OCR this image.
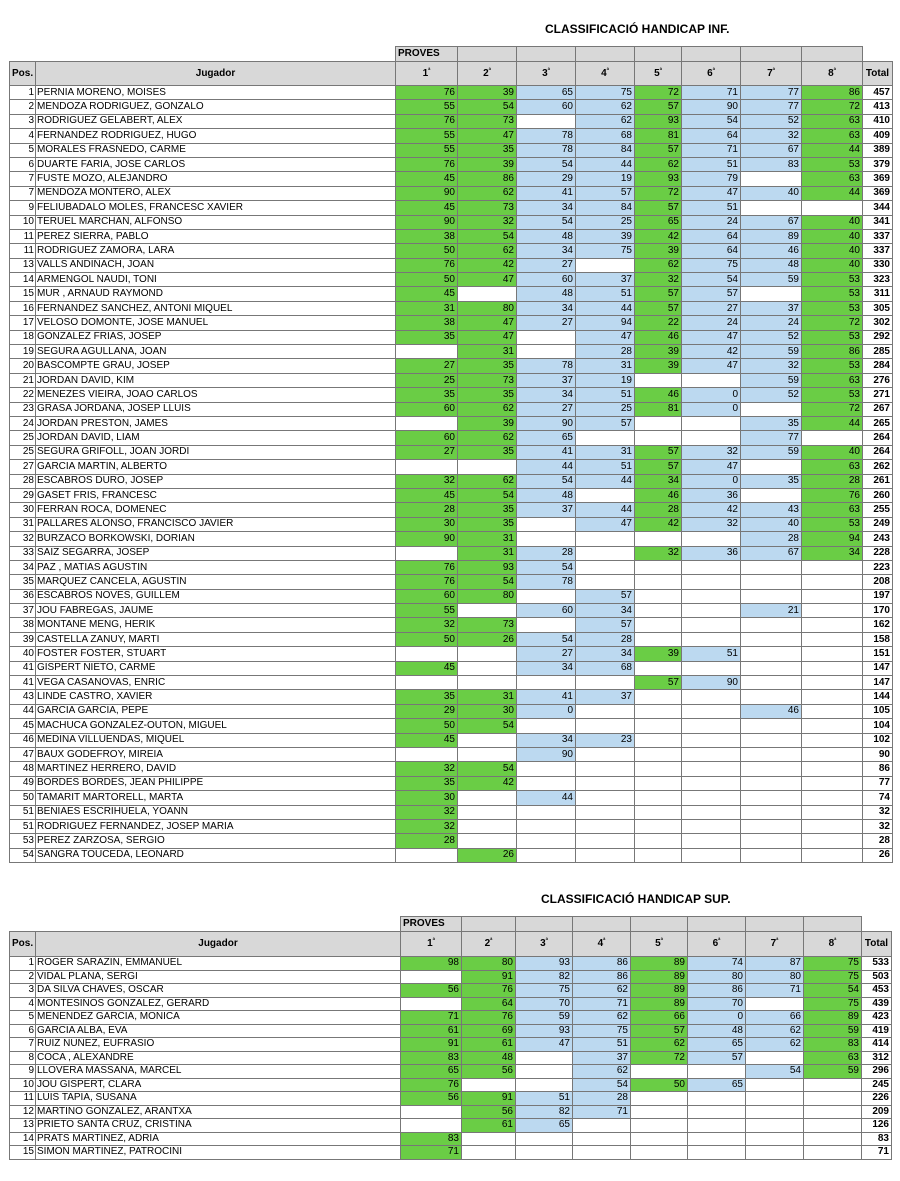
CLASSIFICACIÓ HANDICAP INF.
		PROVES								
Pos.	Jugador	$1^ª$	$2^ª$	$3^ª$	$4^ª$	$5^ª$	$6^ª$	$7^ª$	$8^ª$	Total
1	PERNIA MORENO, MOISES	76	39	65	75	72	71	77	86	457
2	MENDOZA RODRIGUEZ, GONZALO	55	54	60	62	57	90	77	72	413
3	RODRIGUEZ GELABERT, ALEX	76	73		62	93	54	52	63	410
4	FERNANDEZ RODRIGUEZ, HUGO	55	47	78	68	81	64	32	63	409
5	MORALES FRASNEDO, CARME	55	35	78	84	57	71	67	44	389
6	DUARTE FARIA, JOSE CARLOS	76	39	54	44	62	51	83	53	379
7	FUSTE MOZO, ALEJANDRO	45	86	29	19	93	79		63	369
7	MENDOZA MONTERO, ALEX	90	62	41	57	72	47	40	44	369
9	FELIUBADALO MOLES, FRANCESC XAVIER	45	73	34	84	57	51			344
10	TERUEL MARCHAN, ALFONSO	90	32	54	25	65	24	67	40	341
11	PEREZ SIERRA, PABLO	38	54	48	39	42	64	89	40	337
11	RODRIGUEZ ZAMORA, LARA	50	62	34	75	39	64	46	40	337
13	VALLS ANDIÑACH, JOAN	76	42	27		62	75	48	40	330
14	ARMENGOL NAUDI, TONI	50	47	60	37	32	54	59	53	323
15	MUR , ARNAUD RAYMOND	45		48	51	57	57		53	311
16	FERNANDEZ SANCHEZ, ANTONI MIQUEL	31	80	34	44	57	27	37	53	305
17	VELOSO DOMONTE, JOSE MANUEL	38	47	27	94	22	24	24	72	302
18	GONZALEZ FRIAS, JOSEP	35	47		47	46	47	52	53	292
19	SEGURA AGULLANA, JOAN		31		28	39	42	59	86	285
20	BASCOMPTE GRAU, JOSEP	27	35	78	31	39	47	32	53	284
21	JORDAN DAVID, KIM	25	73	37	19			59	63	276
22	MENEZES VIEIRA, JOAO CARLOS	35	35	34	51	46	0	52	53	271
23	GRASA JORDANA, JOSEP LLUIS	60	62	27	25	81	0		72	267
24	JORDAN PRESTON, JAMES		39	90	57			35	44	265
25	JORDAN DAVID, LIAM	60	62	65				77		264
25	SEGURA GRIFOLL, JOAN JORDI	27	35	41	31	57	32	59	40	264
27	GARCIA MARTIN, ALBERTO			44	51	57	47		63	262
28	ESCABROS DURO, JOSEP	32	62	54	44	34	0	35	28	261
29	GASET FRIS, FRANCESC	45	54	48		46	36		76	260
30	FERRAN ROCA, DOMENEC	28	35	37	44	28	42	43	63	255
31	PALLARES ALONSO, FRANCISCO JAVIER	30	35		47	42	32	40	53	249
32	BURZACO BORKOWSKI, DORIAN	90	31					28	94	243
33	SAIZ SEGARRA, JOSEP		31	28		32	36	67	34	228
34	PAZ , MATIAS AGUSTIN	76	93	54						223
35	MARQUEZ CANCELA, AGUSTIN	76	54	78						208
36	ESCABROS NOVES, GUILLEM	60	80		57					197
37	JOU FABREGAS, JAUME	55		60	34			21		170
38	MONTANE MENG, HERIK	32	73		57					162
39	CASTELLA ZANUY, MARTI	50	26	54	28					158
40	FOSTER FOSTER, STUART			27	34	39	51			151
41	GISPERT NIETO, CARME	45		34	68					147
41	VEGA CASANOVAS, ENRIC					57	90			147
43	LINDE CASTRO, XAVIER	35	31	41	37					144
44	GARCIA GARCIA, PEPE	29	30	0				46		105
45	MACHUCA GONZALEZ-OUTON, MIGUEL	50	54							104
46	MEDINA VILLUENDAS, MIQUEL	45		34	23					102
47	BAUX GODEFROY, MIREIA			90						90
48	MARTINEZ HERRERO, DAVID	32	54							86
49	BORDES BORDES, JEAN PHILIPPE	35	42							77
50	TAMARIT MARTORELL, MARTA	30		44						74
51	BENIAES ESCRIHUELA, YOANN	32								32
51	RODRIGUEZ FERNANDEZ, JOSEP MARIA	32								32
53	PEREZ ZARZOSA, SERGIO	28								28
54	SANGRA TOUCEDA, LEONARD		26							26
CLASSIFICACIÓ HANDICAP SUP.
		PROVES								
Pos.	Jugador	$1^ª$	$2^ª$	$3^ª$	$4^ª$	$5^ª$	$6^ª$	$7^ª$	$8^ª$	Total
1	ROGER SARAZIN, EMMANUEL	98	80	93	86	89	74	87	75	533
2	VIDAL PLANA, SERGI		91	82	86	89	80	80	75	503
3	DA SILVA CHAVES, OSCAR	56	76	75	62	89	86	71	54	453
4	MONTESINOS GONZALEZ, GERARD		64	70	71	89	70		75	439
5	MENENDEZ GARCIA, MONICA	71	76	59	62	66	0	66	89	423
6	GARCIA ALBA, EVA	61	69	93	75	57	48	62	59	419
7	RUIZ NUÑEZ, EUFRASIO	91	61	47	51	62	65	62	83	414
8	COCA , ALEXANDRE	83	48		37	72	57		63	312
9	LLOVERA MASSANA, MARCEL	65	56		62			54	59	296
10	JOU GISPERT, CLARA	76			54	50	65			245
11	LUIS TAPIA, SUSANA	56	91	51	28					226
12	MARTINO GONZALEZ, ARANTXA		56	82	71					209
13	PRIETO SANTA CRUZ, CRISTINA		61	65						126
14	PRATS MARTINEZ, ADRIA	83								83
15	SIMON MARTINEZ, PATROCINI	71								71
